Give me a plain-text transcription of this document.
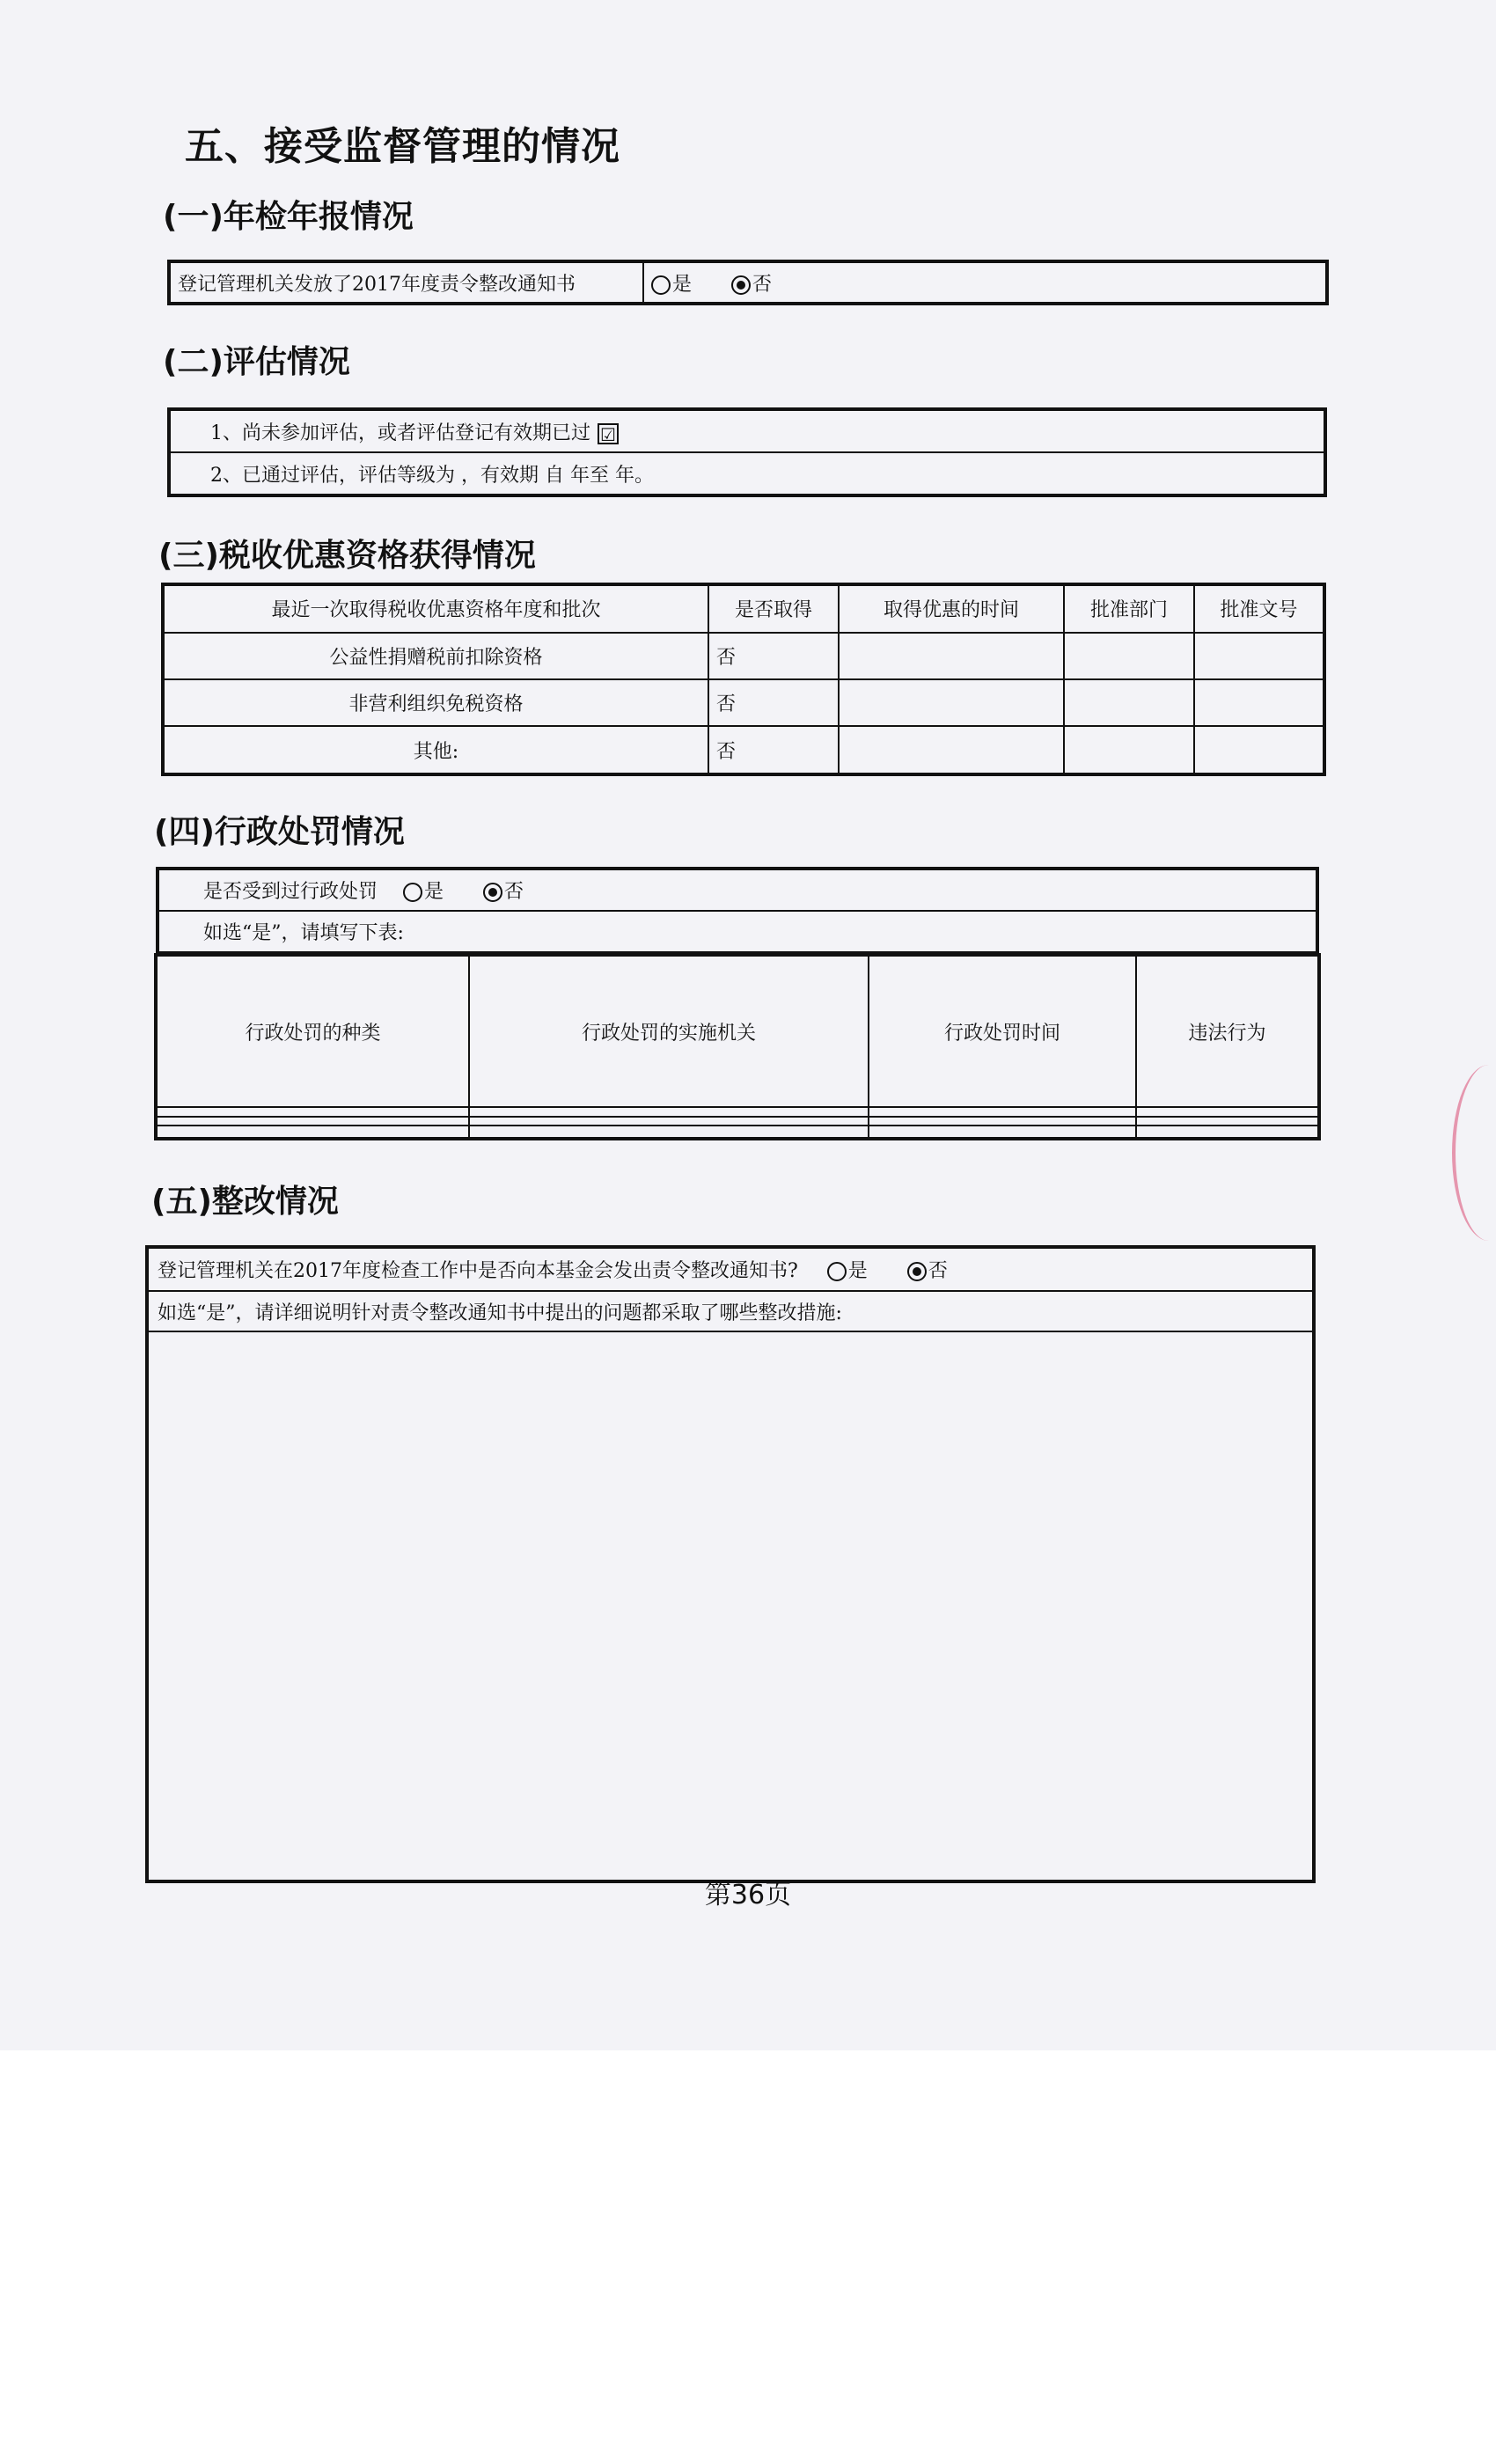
五、接受监督管理的情况
(一)年检年报情况
登记管理机关发放了2017年度责令整改通知书	是	否
(二)评估情况
1、尚未参加评估，或者评估登记有效期已过 ☑
2、已通过评估，评估等级为 ，有效期 自 年至 年。
(三)税收优惠资格获得情况
最近一次取得税收优惠资格年度和批次	是否取得	取得优惠的时间	批准部门	批准文号
公益性捐赠税前扣除资格	否			
非营利组织免税资格	否			
其他:	否			
(四)行政处罚情况
是否受到过行政处罚 是	否
如选“是”，请填写下表:
行政处罚的种类	行政处罚的实施机关	行政处罚时间	违法行为

(五)整改情况
登记管理机关在2017年度检查工作中是否向本基金会发出责令整改通知书?	是	否
如选“是”，请详细说明针对责令整改通知书中提出的问题都采取了哪些整改措施:

第36页
